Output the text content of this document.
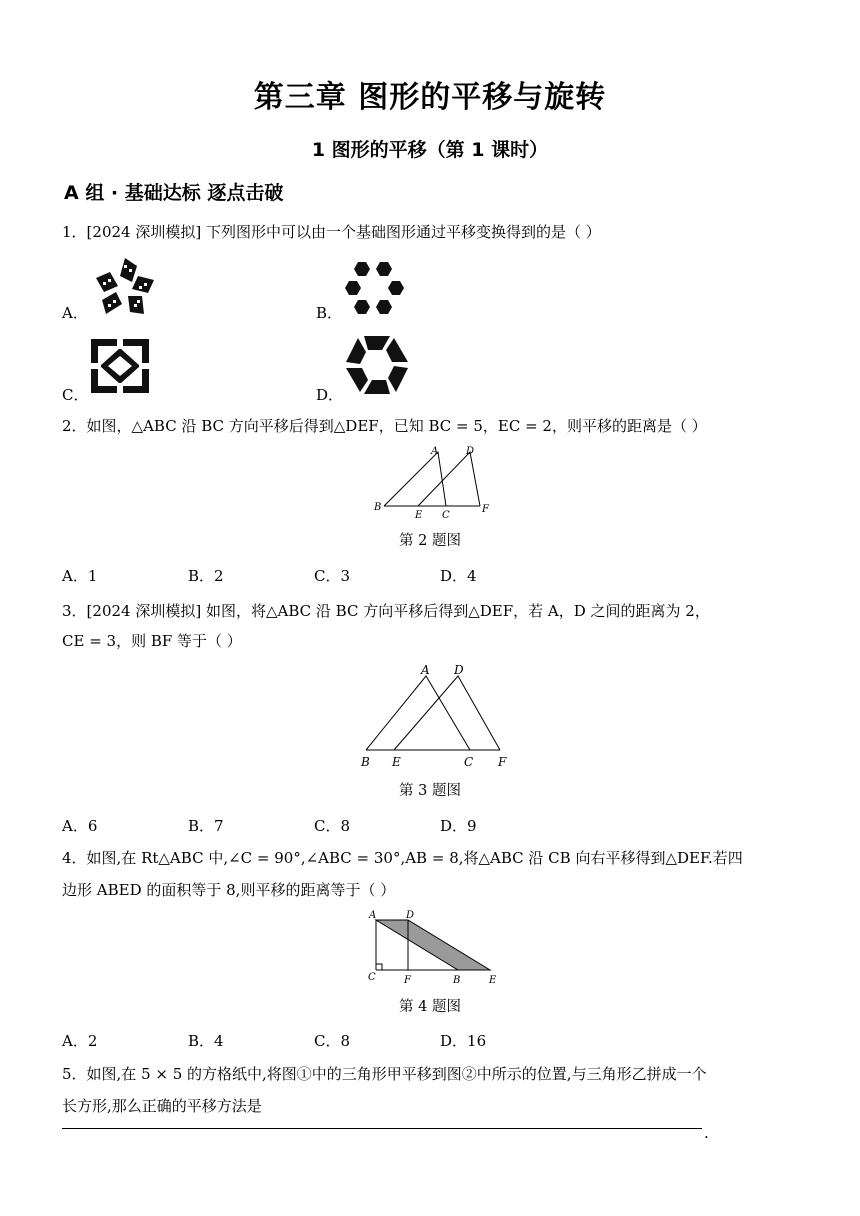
第三章 图形的平移与旋转
1 图形的平移（第 1 课时）
A 组 · 基础达标 逐点击破
1．[2024 深圳模拟] 下列图形中可以由一个基础图形通过平移变换得到的是（ ）
A．	B．
C．	D．
2．如图，△ABC 沿 BC 方向平移后得到△DEF，已知 BC = 5，EC = 2，则平移的距离是（ ）
A	D
B
E C
F
第 2 题图
A．1	B．2	C．3	D．4
3．[2024 深圳模拟] 如图，将△ABC 沿 BC 方向平移后得到△DEF，若 A，D 之间的距离为 2，
CE = 3，则 BF 等于（ ）
A D
B E	C F
第 3 题图
A．6	B．7	C．8	D．9
4．如图,在 Rt△ABC 中,∠C = 90°,∠ABC = 30°,AB = 8,将△ABC 沿 CB 向右平移得到△DEF.若四
边形 ABED 的面积等于 8,则平移的距离等于（ ）
A	D
C	F	B	E
第 4 题图
A．2	B．4	C．8	D．16
5．如图,在 5 × 5 的方格纸中,将图①中的三角形甲平移到图②中所示的位置,与三角形乙拼成一个
长方形,那么正确的平移方法是
.
